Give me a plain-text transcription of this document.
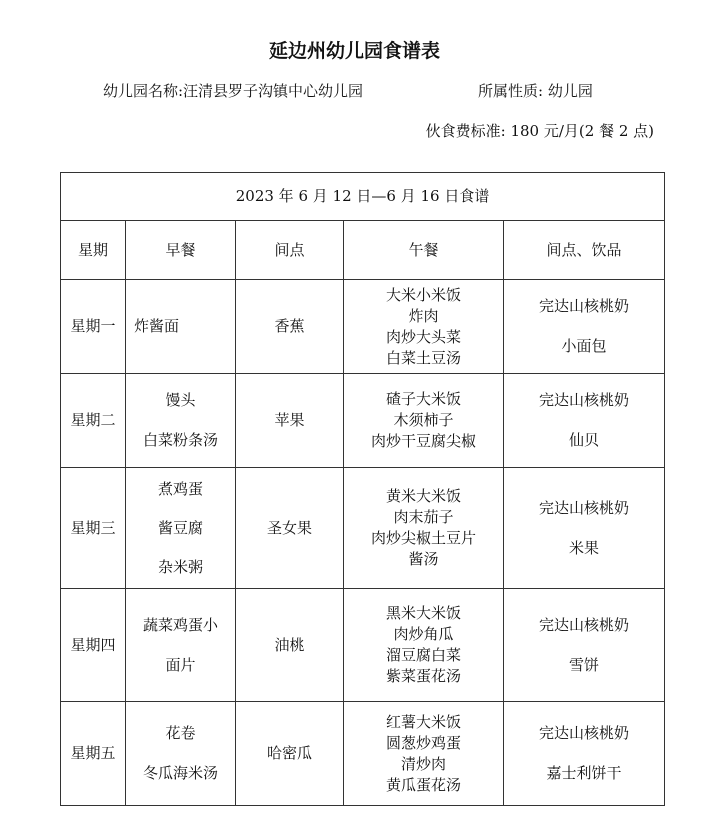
延边州幼儿园食谱表
幼儿园名称:汪清县罗子沟镇中心幼儿园	所属性质: 幼儿园
伙食费标准: 180 元/月(2 餐 2 点)
2023 年 6 月 12 日—6 月 16 日食谱				
星期	早餐	间点	午餐	间点、饮品
星期一	炸酱面	香蕉	大米小米饭
炸肉
肉炒大头菜
白菜土豆汤	完达山核桃奶
小面包

星期二	馒头
白菜粉条汤	苹果	碴子大米饭
木须柿子
肉炒干豆腐尖椒	完达山核桃奶
仙贝

星期三	煮鸡蛋
酱豆腐
杂米粥	圣女果	黄米大米饭
肉末茄子
肉炒尖椒土豆片
酱汤	完达山核桃奶
米果

星期四	蔬菜鸡蛋小
面片	油桃	黑米大米饭
肉炒角瓜
溜豆腐白菜
紫菜蛋花汤	完达山核桃奶
雪饼

星期五	花卷
冬瓜海米汤	哈密瓜	红薯大米饭
圆葱炒鸡蛋
清炒肉
黄瓜蛋花汤	完达山核桃奶
嘉士利饼干
